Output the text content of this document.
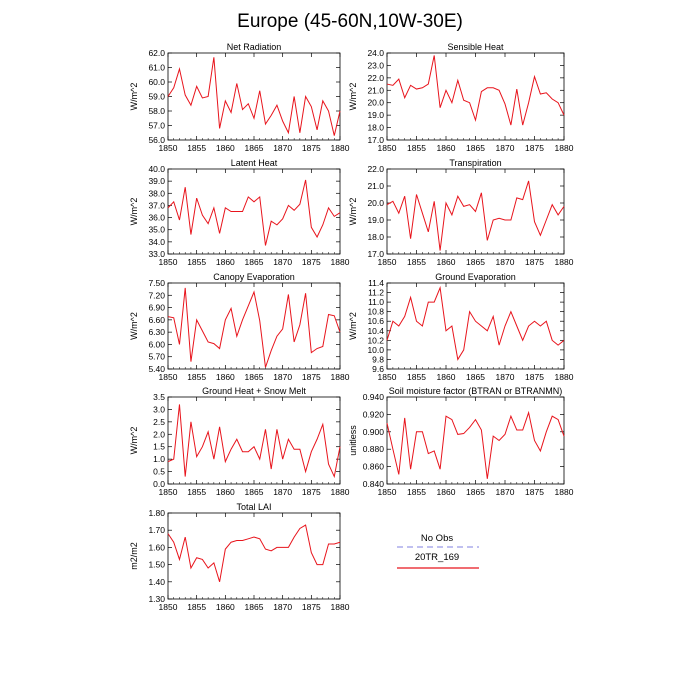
Europe (45-60N,10W-30E)
Net Radiation
1850 1855 1860 1865 1870 1875 1880
56.0
57.0
58.0
59.0
60.0
61.0
62.0
W/m^2
Sensible Heat
1850 1855 1860 1865 1870 1875 1880
17.0
18.0
19.0
20.0
21.0
22.0
23.0
24.0
W/m^2
Latent Heat
1850 1855 1860 1865 1870 1875 1880
33.0
34.0
35.0
36.0
37.0
38.0
39.0
40.0
W/m^2
Transpiration
1850 1855 1860 1865 1870 1875 1880
17.0
18.0
19.0
20.0
21.0
22.0
W/m^2
Canopy Evaporation
1850 1855 1860 1865 1870 1875 1880
5.40
5.70
6.00
6.30
6.60
6.90
7.20
7.50
W/m^2
Ground Evaporation
1850 1855 1860 1865 1870 1875 1880
9.6
9.8
10.0
10.2
10.4
10.6
10.8
11.0
11.2
11.4
W/m^2
Ground Heat + Snow Melt
1850 1855 1860 1865 1870 1875 1880
0.0
0.5
1.0
1.5
2.0
2.5
3.0
3.5
W/m^2
Soil moisture factor (BTRAN or BTRANMN)
1850 1855 1860 1865 1870 1875 1880
0.840
0.860
0.880
0.900
0.920
0.940
unitless
Total LAI
1850 1855 1860 1865 1870 1875 1880
1.30
1.40
1.50
1.60
1.70
1.80
m2/m2
No Obs
20TR_169
